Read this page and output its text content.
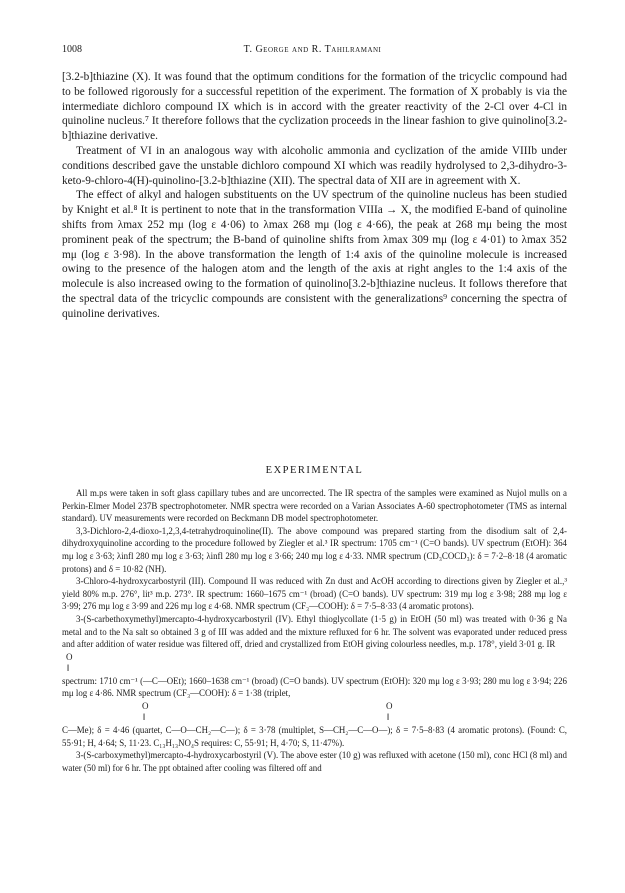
1008	T. George and R. Tahilramani

[3.2-b]thiazine (X). It was found that the optimum conditions for the formation of the tricyclic compound had to be followed rigorously for a successful repetition of the experiment. The formation of X probably is via the intermediate dichloro compound IX which is in accord with the greater reactivity of the 2-Cl over 4-Cl in quinoline nucleus.⁷ It therefore follows that the cyclization proceeds in the linear fashion to give quinolino[3.2-b]thiazine derivative.

Treatment of VI in an analogous way with alcoholic ammonia and cyclization of the amide VIIIb under conditions described gave the unstable dichloro compound XI which was readily hydrolysed to 2,3-dihydro-3-keto-9-chloro-4(H)-quinolino-[3.2-b]thiazine (XII). The spectral data of XII are in agreement with X.

The effect of alkyl and halogen substituents on the UV spectrum of the quinoline nucleus has been studied by Knight et al.⁸ It is pertinent to note that in the transformation VIIIa → X, the modified E-band of quinoline shifts from λmax 252 mμ (log ε 4·06) to λmax 268 mμ (log ε 4·66), the peak at 268 mμ being the most prominent peak of the spectrum; the B-band of quinoline shifts from λmax 309 mμ (log ε 4·01) to λmax 352 mμ (log ε 3·98). In the above transformation the length of 1:4 axis of the quinoline molecule is increased owing to the presence of the halogen atom and the length of the axis at right angles to the 1:4 axis of the molecule is also increased owing to the formation of quinolino[3.2-b]thiazine nucleus. It follows therefore that the spectral data of the tricyclic compounds are consistent with the generalizations⁹ concerning the spectra of quinoline derivatives.

EXPERIMENTAL

All m.ps were taken in soft glass capillary tubes and are uncorrected. The IR spectra of the samples were examined as Nujol mulls on a Perkin-Elmer Model 237B spectrophotometer. NMR spectra were recorded on a Varian Associates A-60 spectrophotometer (TMS as internal standard). UV measurements were recorded on Beckmann DB model spectrophotometer.

3,3-Dichloro-2,4-dioxo-1,2,3,4-tetrahydroquinoline(II). The above compound was prepared starting from the disodium salt of 2,4-dihydroxyquinoline according to the procedure followed by Ziegler et al.³ IR spectrum: 1705 cm⁻¹ (C=O bands). UV spectrum (EtOH): 364 mμ log ε 3·63; λinfl 280 mμ log ε 3·63; λinfl 280 mμ log ε 3·66; 240 mμ log ε 4·33. NMR spectrum (CD₃COCD₃): δ = 7·2–8·18 (4 aromatic protons) and δ = 10·82 (NH).

3-Chloro-4-hydroxycarbostyril (III). Compound II was reduced with Zn dust and AcOH according to directions given by Ziegler et al.,³ yield 80% m.p. 276°, lit³ m.p. 273°. IR spectrum: 1660–1675 cm⁻¹ (broad) (C=O bands). UV spectrum: 319 mμ log ε 3·98; 288 mμ log ε 3·99; 276 mμ log ε 3·99 and 226 mμ log ε 4·68. NMR spectrum (CF₃—COOH): δ = 7·5–8·33 (4 aromatic protons).

3-(S-carbethoxymethyl)mercapto-4-hydroxycarbostyril (IV). Ethyl thioglycollate (1·5 g) in EtOH (50 ml) was treated with 0·36 g Na metal and to the Na salt so obtained 3 g of III was added and the mixture refluxed for 6 hr. The solvent was evaporated under reduced press and after addition of water residue was filtered off, dried and crystallized from EtOH giving colourless needles, m.p. 178°, yield 3·01 g. IR

O
‖

spectrum: 1710 cm⁻¹ (—C—OEt); 1660–1638 cm⁻¹ (broad) (C=O bands). UV spectrum (EtOH): 320 mμ log ε 3·93; 280 mu log ε 3·94; 226 mμ log ε 4·86. NMR spectrum (CF₃—COOH): δ = 1·38 (triplet,

O
‖
O
‖

C—Me); δ = 4·46 (quartet, C—O—CH₂—C—); δ = 3·78 (multiplet, S—CH₂—C—O—); δ = 7·5–8·83 (4 aromatic protons). (Found: C, 55·91; H, 4·64; S, 11·23. C₁₃H₁₃NO₄S requires: C, 55·91; H, 4·70; S, 11·47%).

3-(S-carboxymethyl)mercapto-4-hydroxycarbostyril (V). The above ester (10 g) was refluxed with acetone (150 ml), conc HCl (8 ml) and water (50 ml) for 6 hr. The ppt obtained after cooling was filtered off and
